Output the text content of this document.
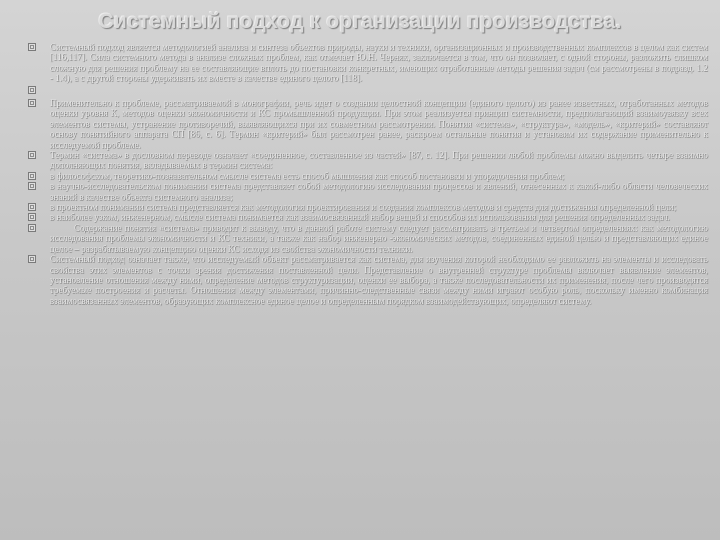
Системный подход к организации производства.
Системный подход является методологией анализа и синтеза объектов природы, науки и техники, организационных и производственных комплексов в целом как систем [116,117]. Сила системного метода в анализе сложных проблем, как отмечает Ю.Н. Черняк, заключается в том, что он позволяет, с одной стороны, разложить слишком сложную для решения проблему на ее составляющие вплоть до постановки конкретных, имеющих отработанные методы решения задач (см рассмотрены в подразд. 1.2 - 1.4), а с другой стороны удерживать их вместе в качестве единого целого [118].
Применительно к проблеме, рассматриваемой в монографии, речь идет о создании целостной концепции (единого целого) из ранее известных, отработанных методов оценки уровня К, методов оценки экономичности и КС промышленной продукции. При этом реализуется принцип системности, предполагающий взаимоувязку всех элементов системы, устранение противоречий, выявляющихся при их совместном рассмотрении. Понятия «система», «структура», «модель», «критерий» составляют основу понятийного аппарата СП [86, с. 6]. Термин «критерий» был рассмотрен ранее, раскроем остальные понятия и установим их содержание применительно к исследуемой проблеме.
Термин «система» в дословном переводе означает «соединенное, составленное из частей» [87, с. 12]. При решении любой проблемы можно выделить четыре взаимно дополняющих понятия, вкладываемых в термин система:
в философском, теоретико-познавательном смысле система есть способ мышления как способ постановки и упорядочения проблем;
в научно-исследовательском понимании система представляет собой методологию исследования процессов и явлений, отнесенных к какой-либо области человеческих знаний в качестве объекта системного анализа;
в проектном понимании система представляется как методология проектирования и создания комплексов методов и средств для достижения определенной цели;
в наиболее узком, инженерном, смысле система понимается как взаимосвязанный набор вещей и способов их использования для решения определенных задач.
Содержание понятия «система» приводит к выводу, что в данной работе систему следует рассматривать в третьем и четвертом определениях: как методологию исследования проблемы экономичности и КС техники, а также как набор инженерно -экономических методов, соединенных единой целью и представляющих единое целое – разрабатываемую концепцию оценки КС исходя из свойства экономичности техники.
Системный подход означает также, что исследуемый объект рассматривается как система, для изучения которой необходимо ее разложить на элементы и исследовать свойства этих элементов с точки зрения достижения поставленной цели. Представление о внутренней структуре проблемы включает выявление элементов, установление отношения между ними, определение методов структуризации, оценки ее выбора, а также последовательности их применения, после чего производятся требуемые построения и расчеты. Отношения между элементами, причинно-следственные связи между ними играют особую роль, поскольку именно комбинация взаимосвязанных элементов, образующих комплексное единое целое и определенным порядком взаимодействующих, определяют систему.
